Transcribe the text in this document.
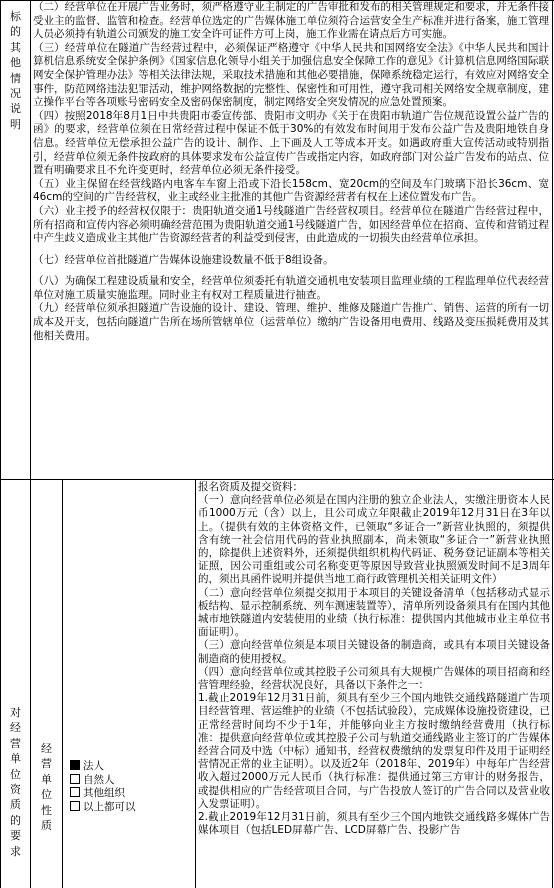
标的其他情况说明

（二）经营单位在开展广告业务时，须严格遵守业主制定的广告审批和发布的相关管理规定和要求，并无条件接受业主的监督、监管和检查。经营单位选定的广告媒体施工单位须符合运营安全生产标准并进行备案，施工管理人员必须持有轨道公司颁发的施工安全许可证件方可上岗，施工作业需在请点后方可实施。

（三）经营单位在隧道广告经营过程中，必须保证严格遵守《中华人民共和国网络安全法》《中华人民共和国计算机信息系统安全保护条例》《国家信息化领导小组关于加强信息安全保障工作的意见》《计算机信息网络国际联网安全保护管理办法》等相关法律法规，采取技术措施和其他必要措施，保障系统稳定运行，有效应对网络安全事件，防范网络违法犯罪活动，维护网络数据的完整性、保密性和可用性，遵守我司相关网络安全规章制度，建立操作平台等各项账号密码安全及密码保密制度，制定网络安全突发情况的应急处置预案。

（四）按照2018年8月1日中共贵阳市委宣传部、贵阳市文明办《关于在贵阳市轨道广告位规范设置公益广告的函》的要求，经营单位须在日常经营过程中保证不低于30%的有效发布时间用于发布公益广告及贵阳地铁自身信息。经营单位无偿承担公益广告的设计、制作、上下画及人工等成本开支。如遇政府重大宣传活动或特别指引，经营单位须无条件按政府的具体要求发布公益宣传广告或指定内容，如政府部门对公益广告发布的站点、位置有明确要求且不允许变更时，经营单位必须无条件接受。

（五）业主保留在经营线路内电客车车窗上沿或下沿长158cm、宽20cm的空间及车门玻璃下沿长36cm、宽46cm的空间的广告经营权，业主或经业主批准的其他广告资源经营者有权在上述位置发布广告。

（六）业主授予的经营权仅限于：贵阳轨道交通1号线隧道广告经营权项目。经营单位在隧道广告经营过程中，所有招商和宣传内容必须明确经营范围为贵阳轨道交通1号线隧道广告，如因经营单位在招商、宣传和营销过程中产生歧义造成业主其他广告资源经营者的利益受到侵害，由此造成的一切损失由经营单位承担。

（七）经营单位首批隧道广告媒体设施建设数量不低于8组设备。

（八）为确保工程建设质量和安全，经营单位须委托有轨道交通机电安装项目监理业绩的工程监理单位代表经营单位对施工质量实施监理。同时业主有权对工程质量进行抽查。

（九）经营单位须承担隧道广告设施的设计、建设、管理、维护、维修及隧道广告推广、销售、运营的所有一切成本及开支，包括向隧道广告所在场所管辖单位（运营单位）缴纳广告设备用电费用、线路及变压损耗费用及其他相关费用。

对经营单位资质的要求
经营单位性质
法人
自然人
其他组织
以上都可以

报名资质及提交资料：

（一）意向经营单位必须是在国内注册的独立企业法人，实缴注册资本人民币1000万元（含）以上，且公司成立年限截止2019年12月31日在3年以上。（提供有效的主体资格文件，已领取“多证合一”新营业执照的，须提供含有统一社会信用代码的营业执照副本，尚未领取“多证合一”新营业执照的，除提供上述资料外，还须提供组织机构代码证、税务登记证副本等相关证照，因公司重组或公司名称变更等原因导致营业执照颁发时间不足3周年的，须出具函件说明并提供当地工商行政管理机关相关证明文件）

（二）意向经营单位须提交拟用于本项目的关键设备清单（包括移动式显示板结构、显示控制系统、列车测速装置等），清单所列设备须具有在国内其他城市地铁隧道内安装使用的业绩（执行标准：提供国内其他城市业主单位书面证明）。

（三）意向经营单位须是本项目关键设备的制造商，或具有本项目关键设备制造商的使用授权。

（四）意向经营单位或其控股子公司须具有大规模广告媒体的项目招商和经营管理经验，经营状况良好，具备以下条件之一：

1.截止2019年12月31日前，须具有至少三个国内地铁交通线路隧道广告项目经营管理、营运维护的业绩（不包括试验段），完成媒体设施投资建设，已正常经营时间均不少于1年，并能够向业主方按时缴纳经营费用（执行标准：提供意向经营单位或其控股子公司与轨道交通线路业主签订的广告媒体经营合同及中选（中标）通知书，经营权费缴纳的发票复印件及用于证明经营情况正常的业主证明）。以及近2年（2018年、2019年）中每年广告经营收入超过2000万元人民币（执行标准：提供通过第三方审计的财务报告，或提供相应的广告经营项目合同，与广告投放人签订的广告合同以及营业收入发票证明）。

2.截止2019年12月31日前，须具有至少三个国内地铁交通线路多媒体广告媒体项目（包括LED屏幕广告、LCD屏幕广告、投影广告
